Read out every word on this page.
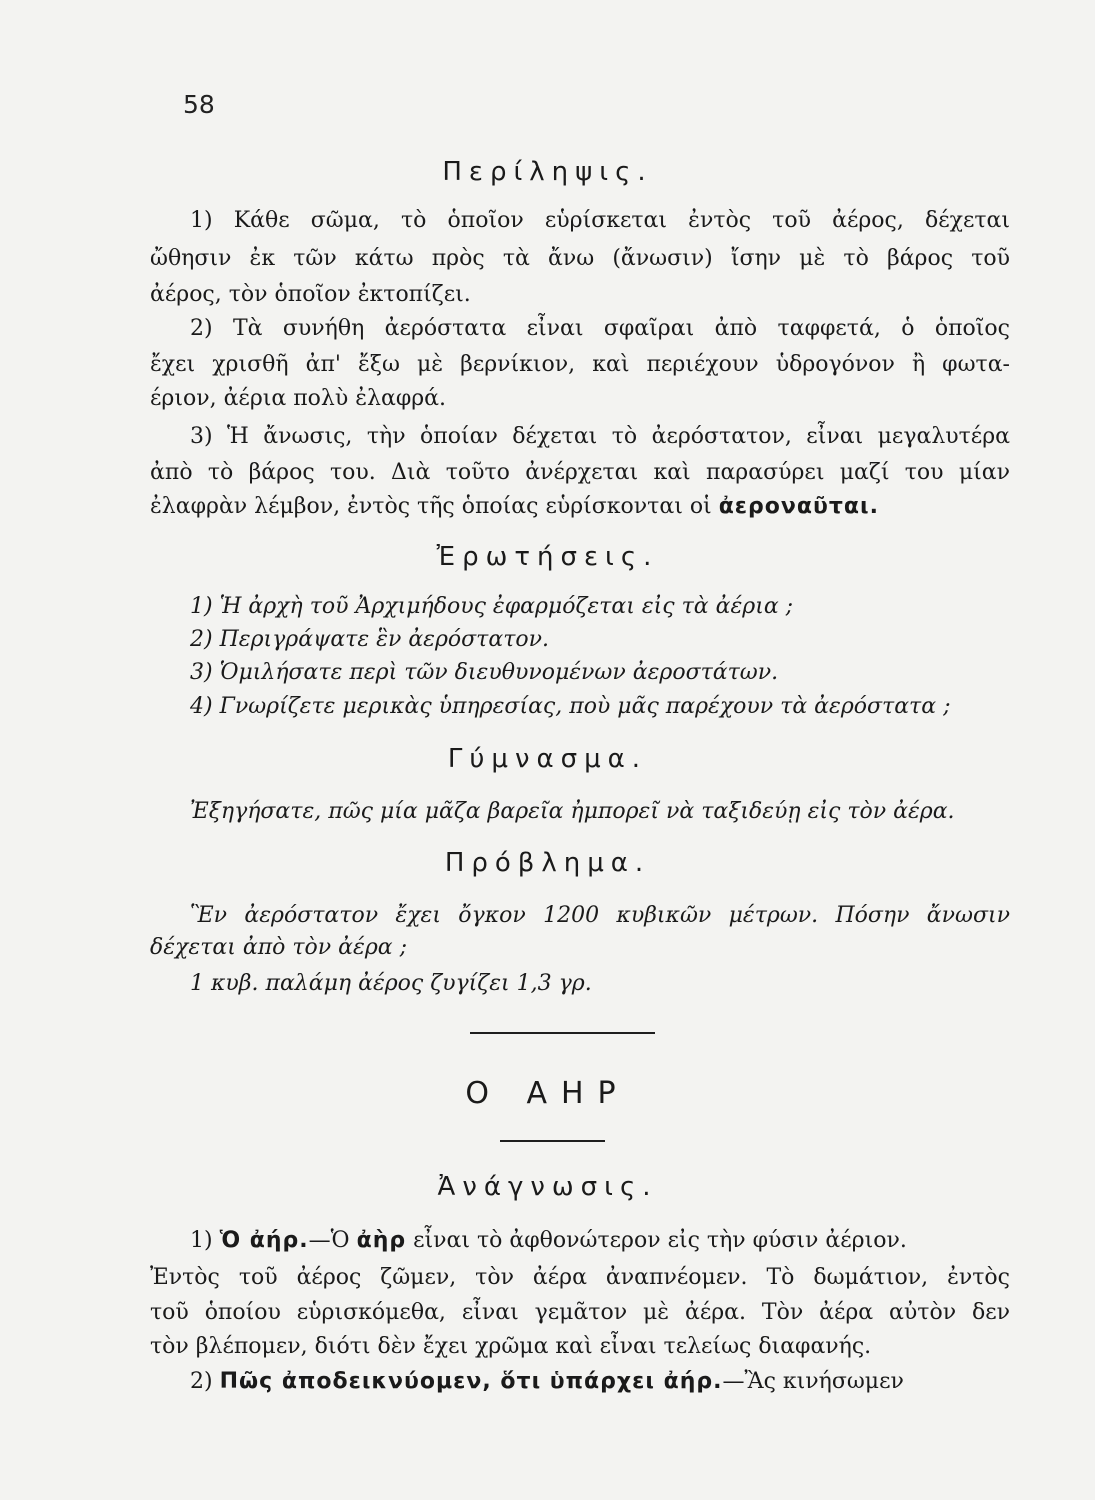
58
Περίληψις.
1) Κάθε σῶμα, τὸ ὁποῖον εὑρίσκεται ἐντὸς τοῦ ἀέρος, δέχεται
ὤθησιν ἐκ τῶν κάτω πρὸς τὰ ἄνω (ἄνωσιν) ἴσην μὲ τὸ βάρος τοῦ
ἀέρος, τὸν ὁποῖον ἐκτοπίζει.
2) Τὰ συνήθη ἀερόστατα εἶναι σφαῖραι ἀπὸ ταφφετά, ὁ ὁποῖος
ἔχει χρισθῆ ἀπ' ἔξω μὲ βερνίκιον, καὶ περιέχουν ὑδρογόνον ἢ φωτα-
έριον, ἀέρια πολὺ ἐλαφρά.
3) Ἡ ἄνωσις, τὴν ὁποίαν δέχεται τὸ ἀερόστατον, εἶναι μεγαλυτέρα
ἀπὸ τὸ βάρος του. Διὰ τοῦτο ἀνέρχεται καὶ παρασύρει μαζί του μίαν
ἐλαφρὰν λέμβον, ἐντὸς τῆς ὁποίας εὑρίσκονται οἱ ἀεροναῦται.
Ἐρωτήσεις.
1) Ἡ ἀρχὴ τοῦ Ἀρχιμήδους ἐφαρμόζεται εἰς τὰ ἀέρια ;
2) Περιγράψατε ἓν ἀερόστατον.
3) Ὁμιλήσατε περὶ τῶν διευθυνομένων ἀεροστάτων.
4) Γνωρίζετε μερικὰς ὑπηρεσίας, ποὺ μᾶς παρέχουν τὰ ἀερόστατα ;
Γύμνασμα.
Ἐξηγήσατε, πῶς μία μᾶζα βαρεῖα ἠμπορεῖ νὰ ταξιδεύῃ εἰς τὸν ἀέρα.
Πρόβλημα.
Ἓν ἀερόστατον ἔχει ὄγκον 1200 κυβικῶν μέτρων. Πόσην ἄνωσιν
δέχεται ἀπὸ τὸν ἀέρα ;
1 κυβ. παλάμη ἀέρος ζυγίζει 1,3 γρ.
Ο ΑΗΡ
Ἀνάγνωσις.
1) Ὁ ἀήρ.—Ὁ ἀὴρ εἶναι τὸ ἀφθονώτερον εἰς τὴν φύσιν ἀέριον.
Ἐντὸς τοῦ ἀέρος ζῶμεν, τὸν ἀέρα ἀναπνέομεν. Τὸ δωμάτιον, ἐντὸς
τοῦ ὁποίου εὑρισκόμεθα, εἶναι γεμᾶτον μὲ ἀέρα. Τὸν ἀέρα αὐτὸν δεν
τὸν βλέπομεν, διότι δὲν ἔχει χρῶμα καὶ εἶναι τελείως διαφανής.
2) Πῶς ἀποδεικνύομεν, ὅτι ὑπάρχει ἀήρ.—Ἂς κινήσωμεν
